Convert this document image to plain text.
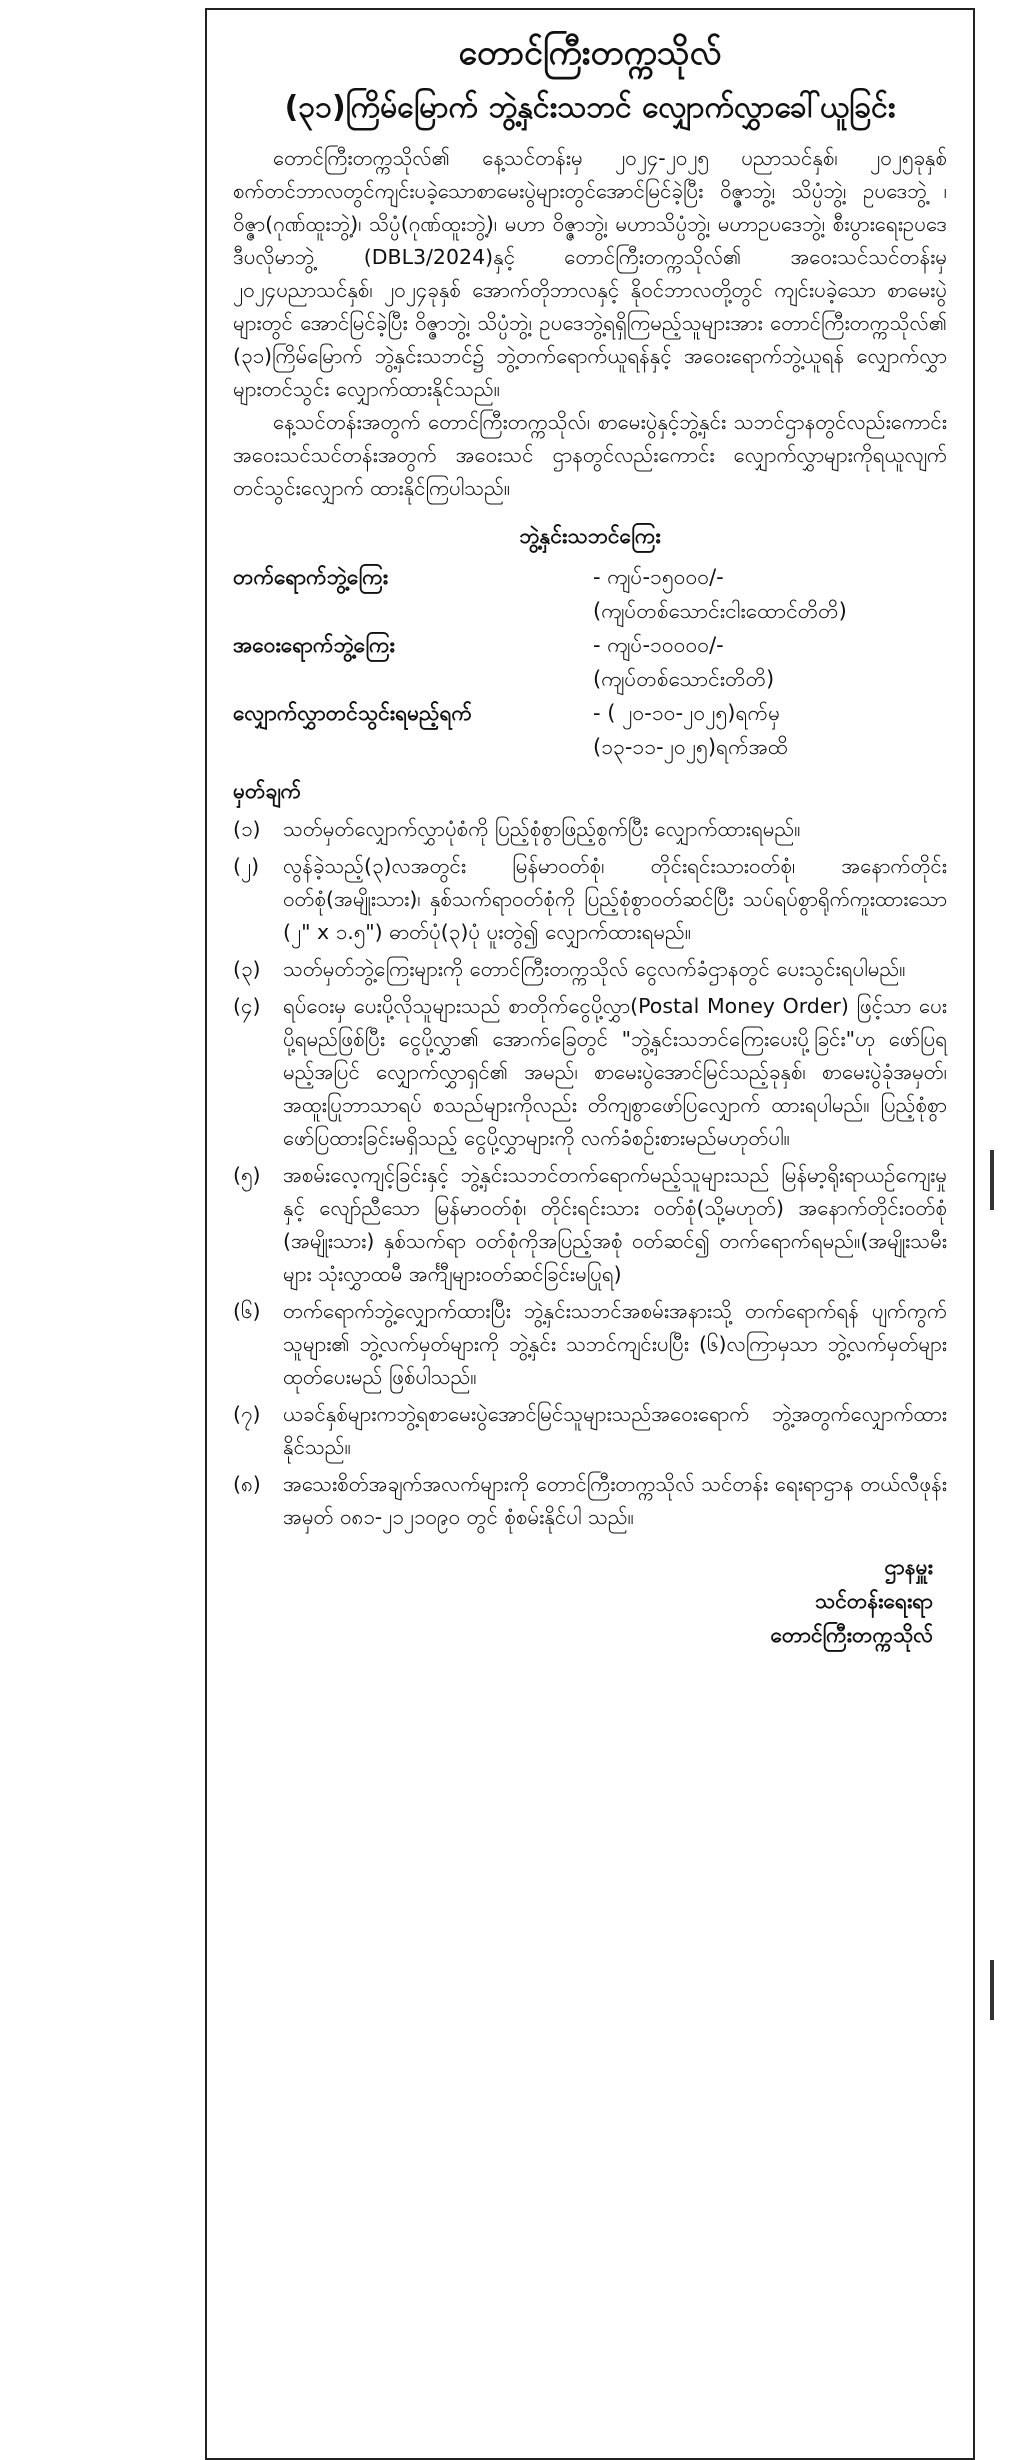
တောင်ကြီးတက္ကသိုလ်
(၃၁)ကြိမ်မြောက် ဘွဲ့နှင်းသဘင် လျှောက်လွှာခေါ်ယူခြင်း

တောင်ကြီးတက္ကသိုလ်၏ နေ့သင်တန်းမှ ၂၀၂၄-၂၀၂၅ ပညာသင်နှစ်၊ ၂၀၂၅ခုနှစ် စက်တင်ဘာလတွင်ကျင်းပခဲ့သောစာမေးပွဲများတွင်အောင်မြင်ခဲ့ပြီး ဝိဇ္ဇာဘွဲ့၊ သိပ္ပံဘွဲ့၊ ဥပဒေဘွဲ့ ၊ ဝိဇ္ဇာ(ဂုဏ်ထူးဘွဲ့)၊ သိပ္ပံ(ဂုဏ်ထူးဘွဲ့)၊ မဟာ ဝိဇ္ဇာဘွဲ့၊ မဟာသိပ္ပံဘွဲ့၊ မဟာဥပဒေဘွဲ့၊ စီးပွားရေးဥပဒေဒီပလိုမာဘွဲ့ (DBL3/2024)နှင့် တောင်ကြီးတက္ကသိုလ်၏ အဝေးသင်သင်တန်းမှ ၂၀၂၄ပညာသင်နှစ်၊ ၂၀၂၄ခုနှစ် အောက်တိုဘာလနှင့် နိုဝင်ဘာလတို့တွင် ကျင်းပခဲ့သော စာမေးပွဲများတွင် အောင်မြင်ခဲ့ပြီး ဝိဇ္ဇာဘွဲ့၊ သိပ္ပံဘွဲ့၊ ဥပဒေဘွဲ့ရရှိကြမည့်သူများအား တောင်ကြီးတက္ကသိုလ်၏ (၃၁)ကြိမ်မြောက် ဘွဲ့နှင်းသဘင်၌ ဘွဲ့တက်ရောက်ယူရန်နှင့် အဝေးရောက်ဘွဲ့ယူရန် လျှောက်လွှာများတင်သွင်း လျှောက်ထားနိုင်သည်။

နေ့သင်တန်းအတွက် တောင်ကြီးတက္ကသိုလ်၊ စာမေးပွဲနှင့်ဘွဲ့နှင်း သဘင်ဌာနတွင်လည်းကောင်း အဝေးသင်သင်တန်းအတွက် အဝေးသင် ဌာနတွင်လည်းကောင်း လျှောက်လွှာများကိုရယူလျက် တင်သွင်းလျှောက် ထားနိုင်ကြပါသည်။

ဘွဲ့နှင်းသဘင်ကြေး
တက်ရောက်ဘွဲ့ကြေး	- ကျပ်-၁၅၀၀၀/-
(ကျပ်တစ်သောင်းငါးထောင်တိတိ)
အဝေးရောက်ဘွဲ့ကြေး	- ကျပ်-၁၀၀၀၀/-
(ကျပ်တစ်သောင်းတိတိ)
လျှောက်လွှာတင်သွင်းရမည့်ရက်	- ( ၂၀-၁၀-၂၀၂၅)ရက်မှ
(၁၃-၁၁-၂၀၂၅)ရက်အထိ
မှတ်ချက်
(၁)	သတ်မှတ်လျှောက်လွှာပုံစံကို ပြည့်စုံစွာဖြည့်စွက်ပြီး လျှောက်ထားရမည်။
(၂)	လွန်ခဲ့သည့်(၃)လအတွင်း မြန်မာဝတ်စုံ၊ တိုင်းရင်းသားဝတ်စုံ၊ အနောက်တိုင်းဝတ်စုံ(အမျိုးသား)၊ နှစ်သက်ရာဝတ်စုံကို ပြည့်စုံစွာဝတ်ဆင်ပြီး သပ်ရပ်စွာရိုက်ကူးထားသော (၂" x ၁.၅") ဓာတ်ပုံ(၃)ပုံ ပူးတွဲ၍ လျှောက်ထားရမည်။
(၃)	သတ်မှတ်ဘွဲ့ကြေးများကို တောင်ကြီးတက္ကသိုလ် ငွေလက်ခံဌာနတွင် ပေးသွင်းရပါမည်။
(၄)	ရပ်ဝေးမှ ပေးပို့လိုသူများသည် စာတိုက်ငွေပို့လွှာ(Postal Money Order) ဖြင့်သာ ပေးပို့ရမည်ဖြစ်ပြီး ငွေပို့လွှာ၏ အောက်ခြေတွင် "ဘွဲ့နှင်းသဘင်ကြေးပေးပို့ခြင်း"ဟု ဖော်ပြရမည့်အပြင် လျှောက်လွှာရှင်၏ အမည်၊ စာမေးပွဲအောင်မြင်သည့်ခုနှစ်၊ စာမေးပွဲခုံအမှတ်၊ အထူးပြုဘာသာရပ် စသည်များကိုလည်း တိကျစွာဖော်ပြလျှောက် ထားရပါမည်။ ပြည့်စုံစွာဖော်ပြထားခြင်းမရှိသည့် ငွေပို့လွှာများကို လက်ခံစဉ်းစားမည်မဟုတ်ပါ။
(၅)	အစမ်းလေ့ကျင့်ခြင်းနှင့် ဘွဲ့နှင်းသဘင်တက်ရောက်မည့်သူများသည် မြန်မာ့ရိုးရာယဉ်ကျေးမှုနှင့် လျော်ညီသော မြန်မာဝတ်စုံ၊ တိုင်းရင်းသား ဝတ်စုံ(သို့မဟုတ်) အနောက်တိုင်းဝတ်စုံ (အမျိုးသား) နှစ်သက်ရာ ဝတ်စုံကိုအပြည့်အစုံ ဝတ်ဆင်၍ တက်ရောက်ရမည်။(အမျိုးသမီးများ သုံးလွှာထမီ အင်္ကျီများဝတ်ဆင်ခြင်းမပြုရ)
(၆)	တက်ရောက်ဘွဲ့လျှောက်ထားပြီး ဘွဲ့နှင်းသဘင်အစမ်းအနားသို့ တက်ရောက်ရန် ပျက်ကွက်သူများ၏ ဘွဲ့လက်မှတ်များကို ဘွဲ့နှင်း သဘင်ကျင်းပပြီး (၆)လကြာမှသာ ဘွဲ့လက်မှတ်များ ထုတ်ပေးမည် ဖြစ်ပါသည်။
(၇)	ယခင်နှစ်များကဘွဲ့ရစာမေးပွဲအောင်မြင်သူများသည်အဝေးရောက် ဘွဲ့အတွက်လျှောက်ထားနိုင်သည်။
(၈)	အသေးစိတ်အချက်အလက်များကို တောင်ကြီးတက္ကသိုလ် သင်တန်း ရေးရာဌာန တယ်လီဖုန်းအမှတ် ၀၈၁-၂၁၂၁၀၉၀ တွင် စုံစမ်းနိုင်ပါ သည်။
ဌာနမှူး
သင်တန်းရေးရာ
တောင်ကြီးတက္ကသိုလ်
